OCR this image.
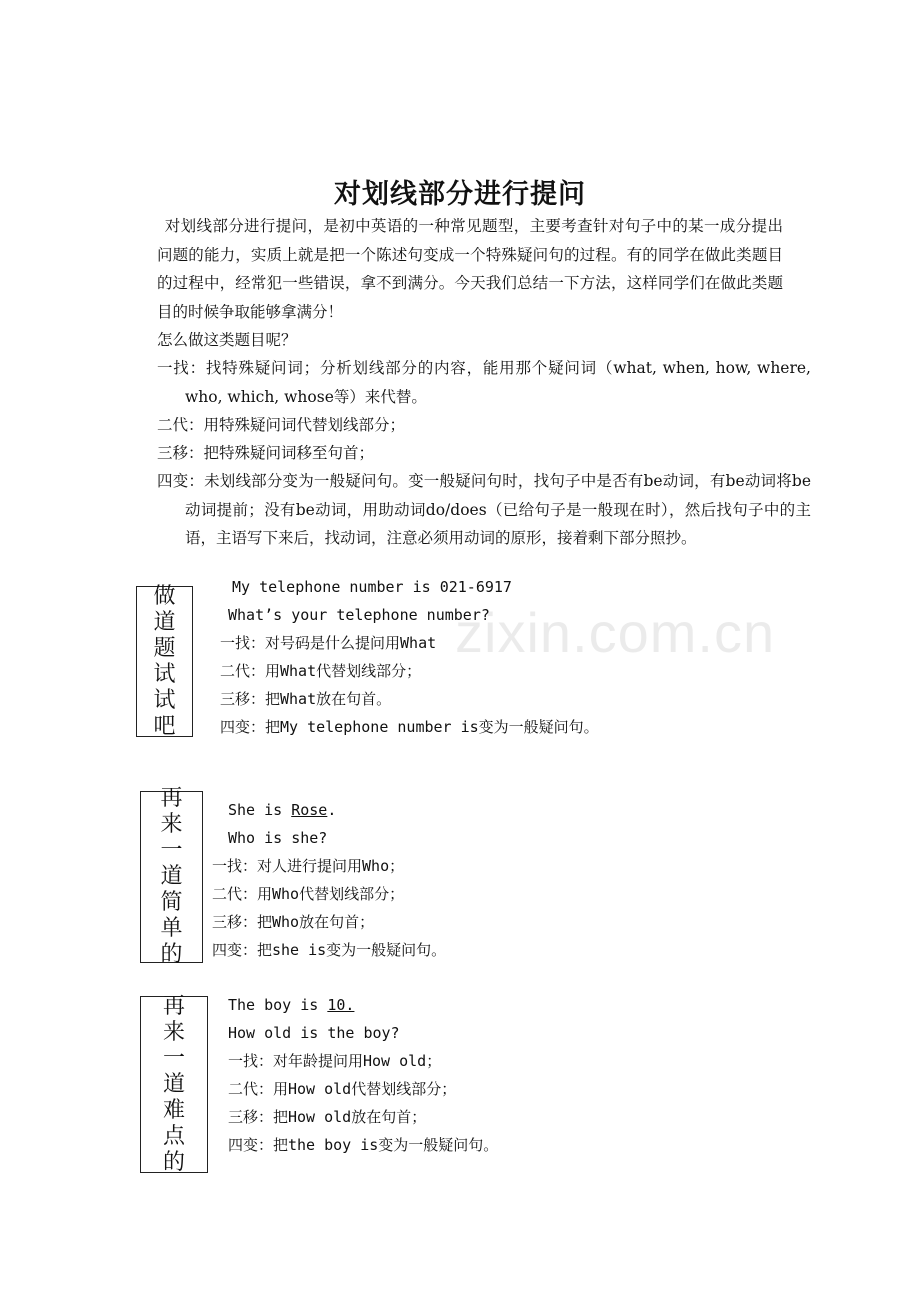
对划线部分进行提问
对划线部分进行提问，是初中英语的一种常见题型，主要考查针对句子中的某一成分提出问题的能力，实质上就是把一个陈述句变成一个特殊疑问句的过程。有的同学在做此类题目的过程中，经常犯一些错误，拿不到满分。今天我们总结一下方法，这样同学们在做此类题目的时候争取能够拿满分！
怎么做这类题目呢？
一找：找特殊疑问词；分析划线部分的内容，能用那个疑问词（what, when, how, where, who, which, whose等）来代替。
二代：用特殊疑问词代替划线部分；
三移：把特殊疑问词移至句首；
四变：未划线部分变为一般疑问句。变一般疑问句时，找句子中是否有be动词，有be动词将be动词提前；没有be动词，用助动词do/does（已给句子是一般现在时），然后找句子中的主语，主语写下来后，找动词，注意必须用动词的原形，接着剩下部分照抄。
zixin.com.cn
做
道
题
试
试
吧
My telephone number is 021-6917
What’s your telephone number?
一找：对号码是什么提问用What
二代：用What代替划线部分；
三移：把What放在句首。
四变：把My telephone number is变为一般疑问句。
再
来
一
道
简
单
的
She is Rose.
Who is she?
一找：对人进行提问用Who；
二代：用Who代替划线部分；
三移：把Who放在句首；
四变：把she is变为一般疑问句。
再
来
一
道
难
点
的
The boy is 10.
How old is the boy?
一找：对年龄提问用How old；
二代：用How old代替划线部分；
三移：把How old放在句首；
四变：把the boy is变为一般疑问句。
